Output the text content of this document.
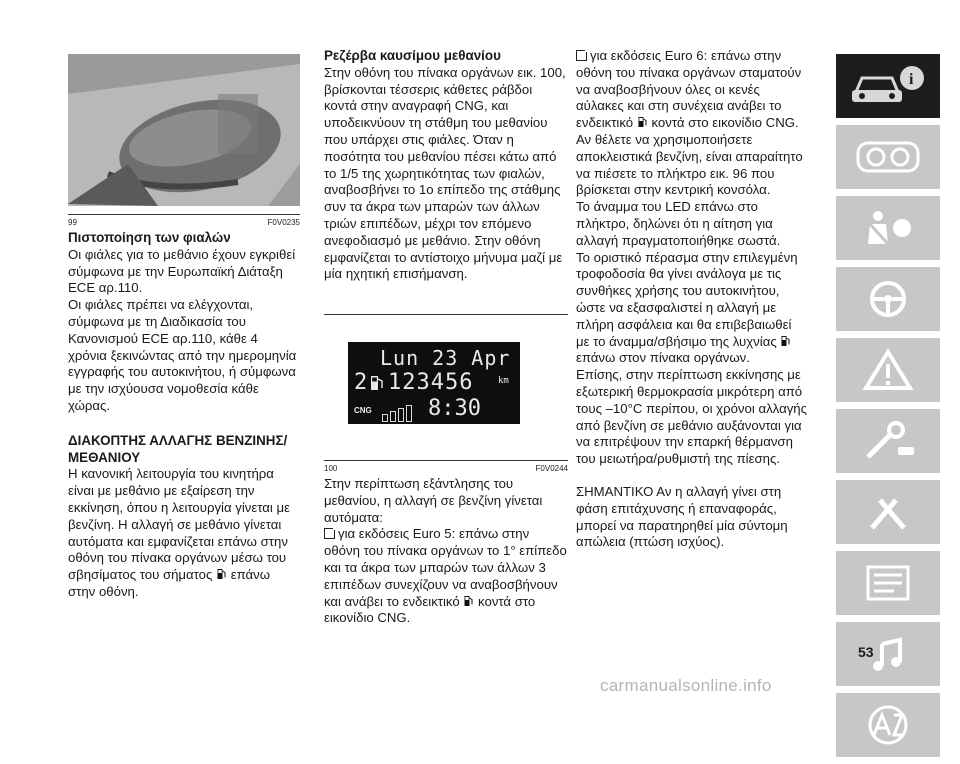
99	F0V0235

Πιστοποίηση των φιαλών

Οι φιάλες για το μεθάνιο έχουν εγκριθεί σύμφωνα με την Ευρωπαϊκή Διάταξη ECE αρ.110.

Οι φιάλες πρέπει να ελέγχονται, σύμφωνα με τη Διαδικασία του Κανονισμού ECE αρ.110, κάθε 4 χρόνια ξεκινώντας από την ημερομηνία εγγραφής του αυτοκινήτου, ή σύμφωνα με την ισχύουσα νομοθεσία κάθε χώρας.

ΔΙΑΚΟΠΤΗΣ ΑΛΛΑΓΗΣ ΒΕΝΖΙΝΗΣ/ΜΕΘΑΝΙΟΥ

Η κανονική λειτουργία του κινητήρα είναι με μεθάνιο με εξαίρεση την εκκίνηση, όπου η λειτουργία γίνεται με βενζίνη. Η αλλαγή σε μεθάνιο γίνεται αυτόματα και εμφανίζεται επάνω στην οθόνη του πίνακα οργάνων μέσω του σβησίματος του σήματος επάνω στην οθόνη.

Ρεζέρβα καυσίμου μεθανίου

Στην οθόνη του πίνακα οργάνων εικ. 100, βρίσκονται τέσσερις κάθετες ράβδοι κοντά στην αναγραφή CNG, και υποδεικνύουν τη στάθμη του μεθανίου που υπάρχει στις φιάλες. Όταν η ποσότητα του μεθανίου πέσει κάτω από το 1/5 της χωρητικότητας των φιαλών, αναβοσβήνει το 1ο επίπεδο της στάθμης συν τα άκρα των μπαρών των άλλων τριών επιπέδων, μέχρι τον επόμενο ανεφοδιασμό με μεθάνιο. Στην οθόνη εμφανίζεται το αντίστοιχο μήνυμα μαζί με μία ηχητική επισήμανση.

Lun 23 Apr
2 123456	km
CNG	8:30
100	F0V0244

Στην περίπτωση εξάντλησης του μεθανίου, η αλλαγή σε βενζίνη γίνεται αυτόματα:

για εκδόσεις Euro 5: επάνω στην οθόνη του πίνακα οργάνων το 1° επίπεδο και τα άκρα των μπαρών των άλλων 3 επιπέδων συνεχίζουν να αναβοσβήνουν και ανάβει το ενδεικτικό κοντά στο εικονίδιο CNG.

για εκδόσεις Euro 6: επάνω στην οθόνη του πίνακα οργάνων σταματούν να αναβοσβήνουν όλες οι κενές αύλακες και στη συνέχεια ανάβει το ενδεικτικό κοντά στο εικονίδιο CNG.

Αν θέλετε να χρησιμοποιήσετε αποκλειστικά βενζίνη, είναι απαραίτητο να πιέσετε το πλήκτρο εικ. 96 που βρίσκεται στην κεντρική κονσόλα.

Το άναμμα του LED επάνω στο πλήκτρο, δηλώνει ότι η αίτηση για αλλαγή πραγματοποιήθηκε σωστά.

Το οριστικό πέρασμα στην επιλεγμένη τροφοδοσία θα γίνει ανάλογα με τις συνθήκες χρήσης του αυτοκινήτου, ώστε να εξασφαλιστεί η αλλαγή με πλήρη ασφάλεια και θα επιβεβαιωθεί με το άναμμα/σβήσιμο της λυχνίας  επάνω στον πίνακα οργάνων.

Επίσης, στην περίπτωση εκκίνησης με εξωτερική θερμοκρασία μικρότερη από τους –10°C περίπου, οι χρόνοι αλλαγής από βενζίνη σε μεθάνιο αυξάνονται για να επιτρέψουν την επαρκή θέρμανση του μειωτήρα/ρυθμιστή της πίεσης.

ΣΗΜΑΝΤΙΚΟ Αν η αλλαγή γίνει στη φάση επιτάχυνσης ή επαναφοράς, μπορεί να παρατηρηθεί μία σύντομη απώλεια (πτώση ισχύος).

i
53
carmanualsonline.info
